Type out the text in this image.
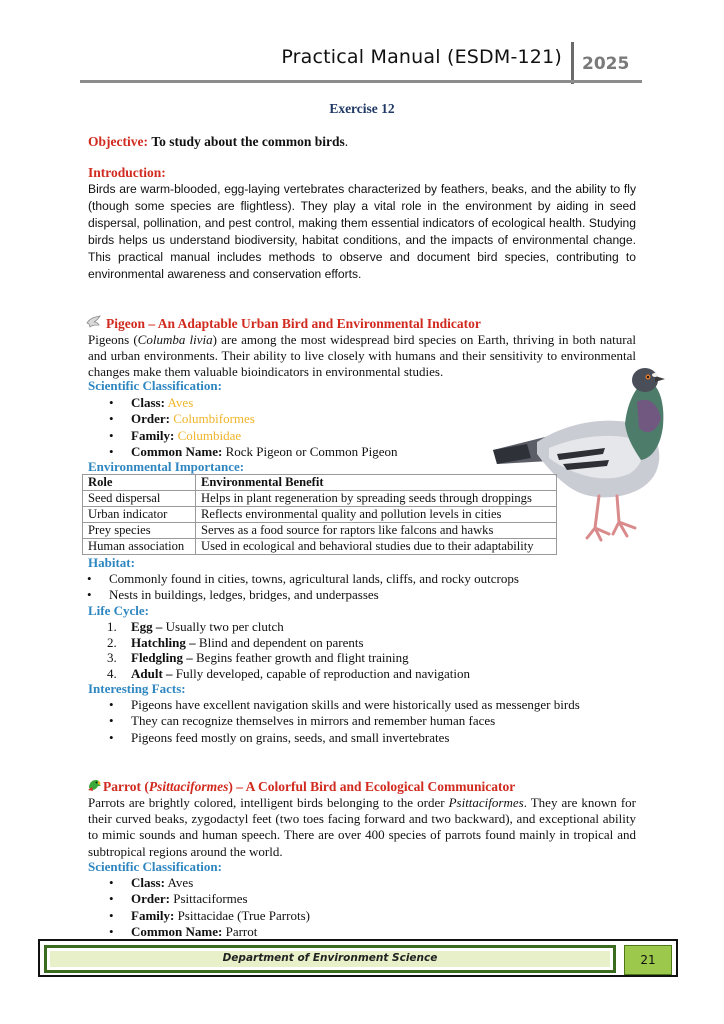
Practical Manual (ESDM-121) 2025
Exercise 12
Objective: To study about the common birds.
Introduction:
Birds are warm-blooded, egg-laying vertebrates characterized by feathers, beaks, and the ability to fly (though some species are flightless). They play a vital role in the environment by aiding in seed dispersal, pollination, and pest control, making them essential indicators of ecological health. Studying birds helps us understand biodiversity, habitat conditions, and the impacts of environmental change. This practical manual includes methods to observe and document bird species, contributing to environmental awareness and conservation efforts.
Pigeon – An Adaptable Urban Bird and Environmental Indicator
Pigeons (Columba livia) are among the most widespread bird species on Earth, thriving in both natural and urban environments. Their ability to live closely with humans and their sensitivity to environmental changes make them valuable bioindicators in environmental studies.
Scientific Classification:
• Class: Aves
• Order: Columbiformes
• Family: Columbidae
• Common Name: Rock Pigeon or Common Pigeon
Environmental Importance:
Role	Environmental Benefit
Seed dispersal	Helps in plant regeneration by spreading seeds through droppings
Urban indicator	Reflects environmental quality and pollution levels in cities
Prey species	Serves as a food source for raptors like falcons and hawks
Human association	Used in ecological and behavioral studies due to their adaptability
Habitat:
• Commonly found in cities, towns, agricultural lands, cliffs, and rocky outcrops
• Nests in buildings, ledges, bridges, and underpasses
Life Cycle:
1. Egg – Usually two per clutch
2. Hatchling – Blind and dependent on parents
3. Fledgling – Begins feather growth and flight training
4. Adult – Fully developed, capable of reproduction and navigation
Interesting Facts:
• Pigeons have excellent navigation skills and were historically used as messenger birds
• They can recognize themselves in mirrors and remember human faces
• Pigeons feed mostly on grains, seeds, and small invertebrates
Parrot (Psittaciformes) – A Colorful Bird and Ecological Communicator
Parrots are brightly colored, intelligent birds belonging to the order Psittaciformes. They are known for their curved beaks, zygodactyl feet (two toes facing forward and two backward), and exceptional ability to mimic sounds and human speech. There are over 400 species of parrots found mainly in tropical and subtropical regions around the world.
Scientific Classification:
• Class: Aves
• Order: Psittaciformes
• Family: Psittacidae (True Parrots)
• Common Name: Parrot
Department of Environment Science	21
